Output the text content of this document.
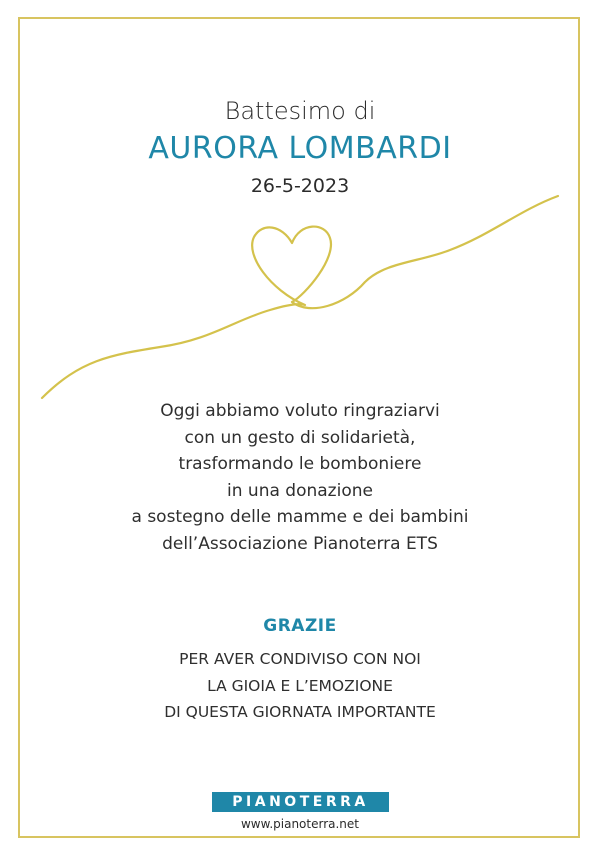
Battesimo di
AURORA LOMBARDI
26-5-2023
Oggi abbiamo voluto ringraziarvi
con un gesto di solidarietà,
trasformando le bomboniere
in una donazione
a sostegno delle mamme e dei bambini
dell’Associazione Pianoterra ETS
GRAZIE
PER AVER CONDIVISO CON NOI
LA GIOIA E L’EMOZIONE
DI QUESTA GIORNATA IMPORTANTE
PIANOTERRA
www.pianoterra.net
